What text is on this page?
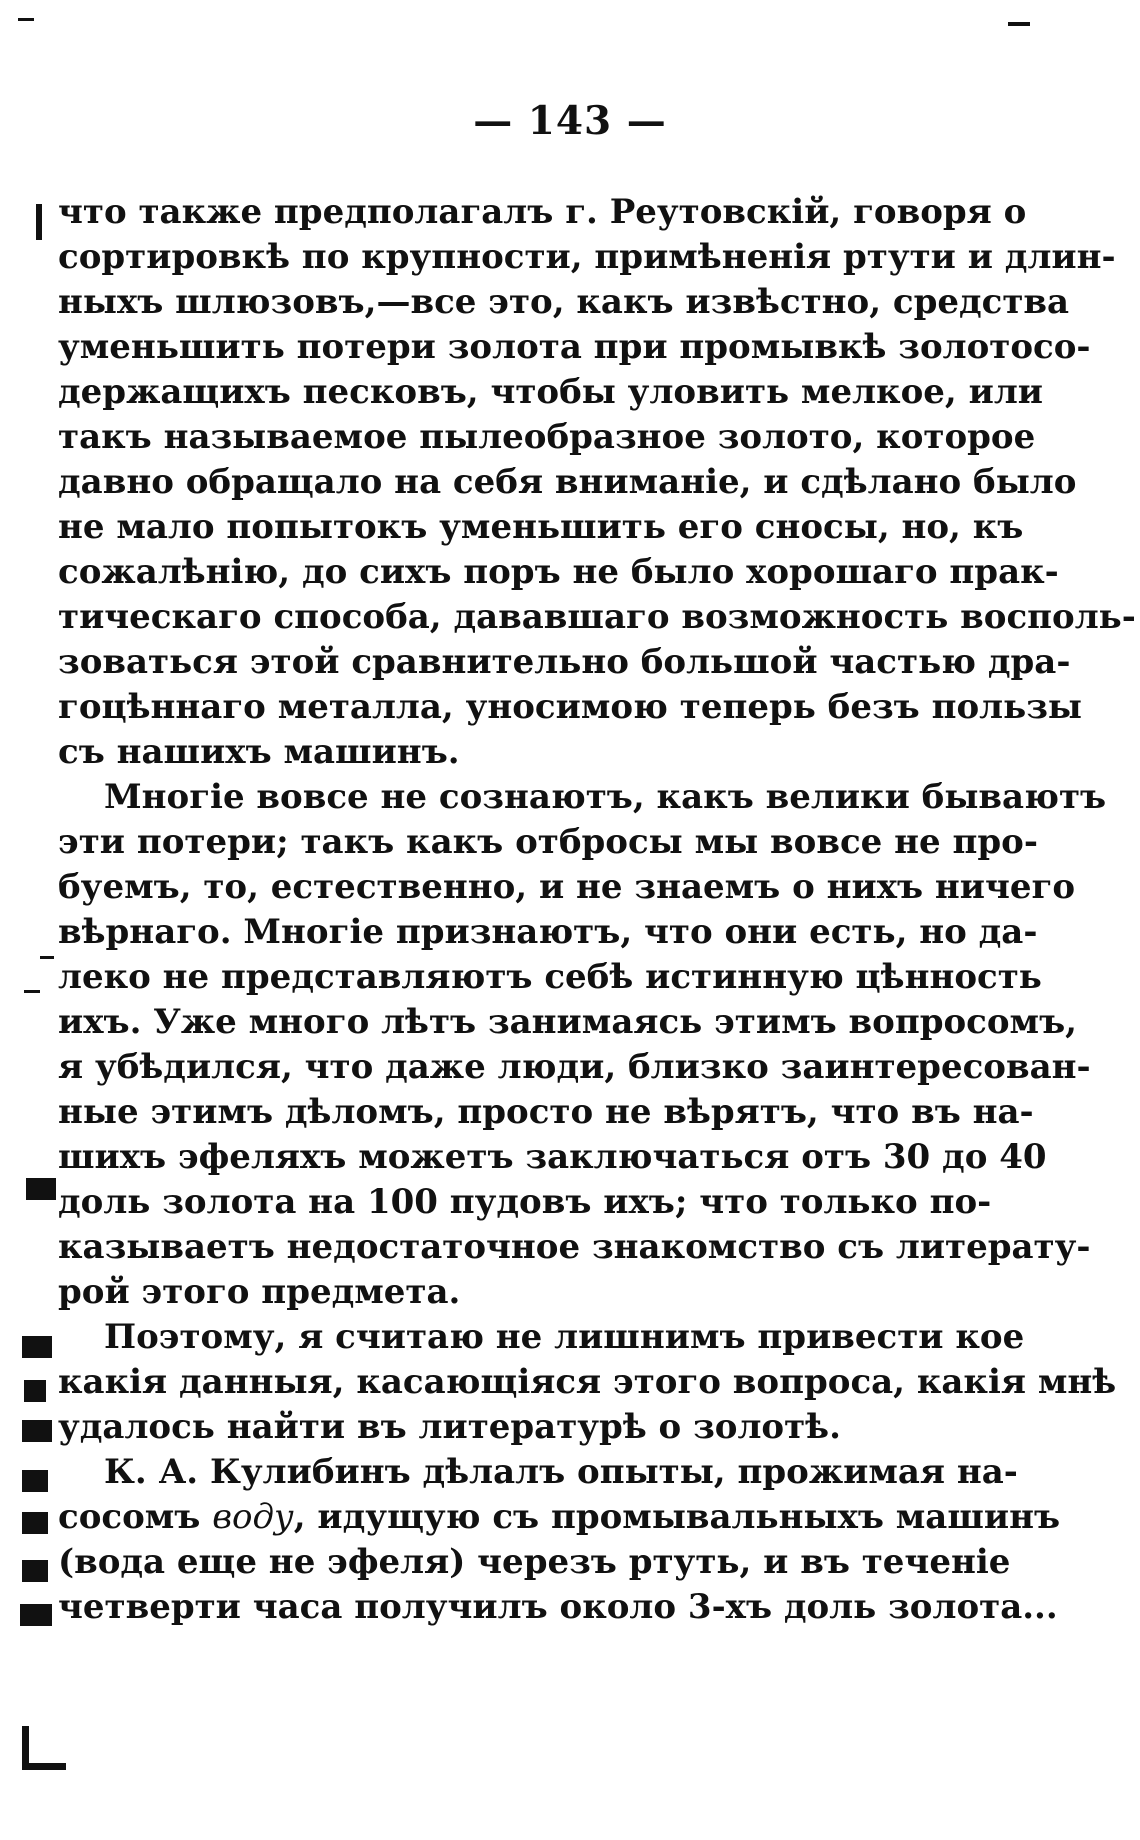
— 143 —
что также предполагалъ г. Реутовскій, говоря о
сортировкѣ по крупности, примѣненія ртути и длин-
ныхъ шлюзовъ,—все это, какъ извѣстно, средства
уменьшить потери золота при промывкѣ золотосо-
держащихъ песковъ, чтобы уловить мелкое, или
такъ называемое пылеобразное золото, которое
давно обращало на себя вниманіе, и сдѣлано было
не мало попытокъ уменьшить его сносы, но, къ
сожалѣнію, до сихъ поръ не было хорошаго прак-
тическаго способа, дававшаго возможность восполь-
зоваться этой сравнительно большой частью дра-
гоцѣннаго металла, уносимою теперь безъ пользы
съ нашихъ машинъ.
Многіе вовсе не сознаютъ, какъ велики бываютъ
эти потери; такъ какъ отбросы мы вовсе не про-
буемъ, то, естественно, и не знаемъ о нихъ ничего
вѣрнаго. Многіе признаютъ, что они есть, но да-
леко не представляютъ себѣ истинную цѣнность
ихъ. Уже много лѣтъ занимаясь этимъ вопросомъ,
я убѣдился, что даже люди, близко заинтересован-
ные этимъ дѣломъ, просто не вѣрятъ, что въ на-
шихъ эфеляхъ можетъ заключаться отъ 30 до 40
доль золота на 100 пудовъ ихъ; что только по-
казываетъ недостаточное знакомство съ литерату-
рой этого предмета.
Поэтому, я считаю не лишнимъ привести кое
какія данныя, касающіяся этого вопроса, какія мнѣ
удалось найти въ литературѣ о золотѣ.
К. А. Кулибинъ дѣлалъ опыты, прожимая на-
сосомъ воду, идущую съ промывальныхъ машинъ
(вода еще не эфеля) черезъ ртуть, и въ теченіе
четверти часа получилъ около 3-хъ доль золота...
